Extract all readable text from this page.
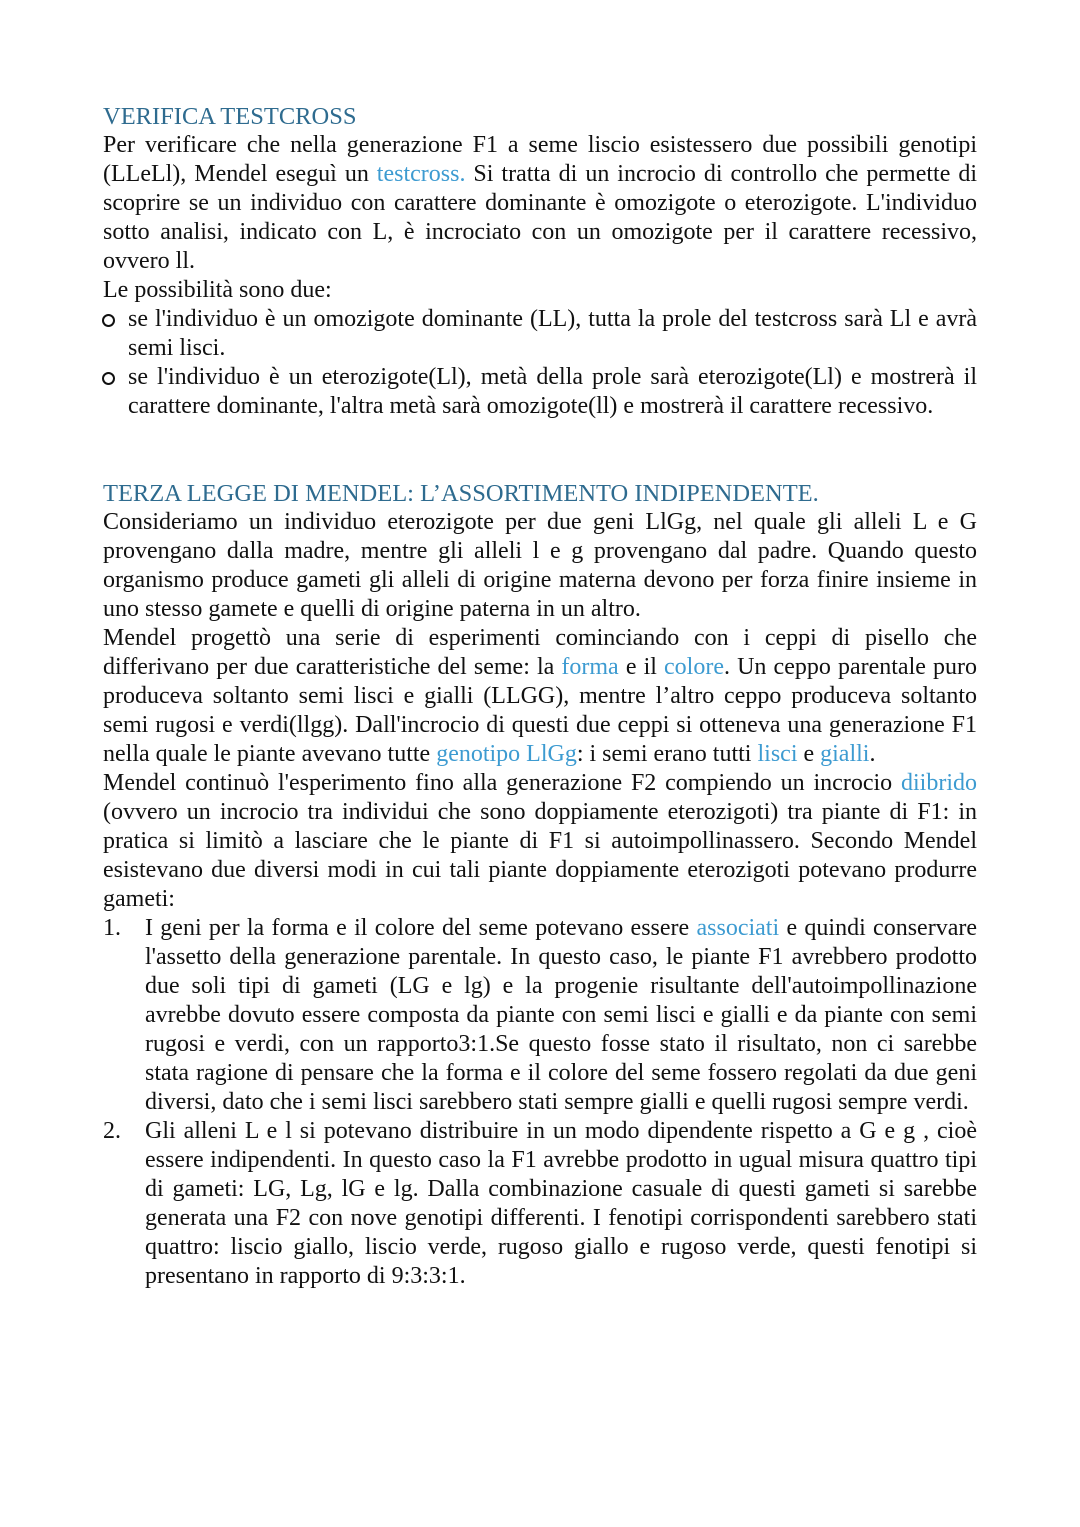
VERIFICA TESTCROSS

Per verificare che nella generazione F1 a seme liscio esistessero due possibili genotipi (LLeLl), Mendel eseguì un testcross. Si tratta di un incrocio di controllo che permette di scoprire se un individuo con carattere dominante è omozigote o eterozigote. L'individuo sotto analisi, indicato con L, è incrociato con un omozigote per il carattere recessivo, ovvero ll.

Le possibilità sono due:

se l'individuo è un omozigote dominante (LL), tutta la prole del testcross sarà Ll e avrà semi lisci.
se l'individuo è un eterozigote(Ll), metà della prole sarà eterozigote(Ll) e mostrerà il carattere dominante, l'altra metà sarà omozigote(ll) e mostrerà il carattere recessivo.
TERZA LEGGE DI MENDEL: L’ASSORTIMENTO INDIPENDENTE.

Consideriamo un individuo eterozigote per due geni LlGg, nel quale gli alleli L e G provengano dalla madre, mentre gli alleli l e g provengano dal padre. Quando questo organismo produce gameti gli alleli di origine materna devono per forza finire insieme in uno stesso gamete e quelli di origine paterna in un altro.

Mendel progettò una serie di esperimenti cominciando con i ceppi di pisello che differivano per due caratteristiche del seme: la forma e il colore. Un ceppo parentale puro produceva soltanto semi lisci e gialli (LLGG), mentre l’altro ceppo produceva soltanto semi rugosi e verdi(llgg). Dall'incrocio di questi due ceppi si otteneva una generazione F1 nella quale le piante avevano tutte genotipo LlGg: i semi erano tutti lisci e gialli.

Mendel continuò l'esperimento fino alla generazione F2 compiendo un incrocio diibrido (ovvero un incrocio tra individui che sono doppiamente eterozigoti) tra piante di F1: in pratica si limitò a lasciare che le piante di F1 si autoimpollinassero. Secondo Mendel esistevano due diversi modi in cui tali piante doppiamente eterozigoti potevano produrre gameti:

1. I geni per la forma e il colore del seme potevano essere associati e quindi conservare l'assetto della generazione parentale. In questo caso, le piante F1 avrebbero prodotto due soli tipi di gameti (LG e lg) e la progenie risultante dell'autoimpollinazione avrebbe dovuto essere composta da piante con semi lisci e gialli e da piante con semi rugosi e verdi, con un rapporto3:1.Se questo fosse stato il risultato, non ci sarebbe stata ragione di pensare che la forma e il colore del seme fossero regolati da due geni diversi, dato che i semi lisci sarebbero stati sempre gialli e quelli rugosi sempre verdi.
2. Gli alleni L e l si potevano distribuire in un modo dipendente rispetto a G e g , cioè essere indipendenti. In questo caso la F1 avrebbe prodotto in ugual misura quattro tipi di gameti: LG, Lg, lG e lg. Dalla combinazione casuale di questi gameti si sarebbe generata una F2 con nove genotipi differenti. I fenotipi corrispondenti sarebbero stati quattro: liscio giallo, liscio verde, rugoso giallo e rugoso verde, questi fenotipi si presentano in rapporto di 9:3:3:1.
